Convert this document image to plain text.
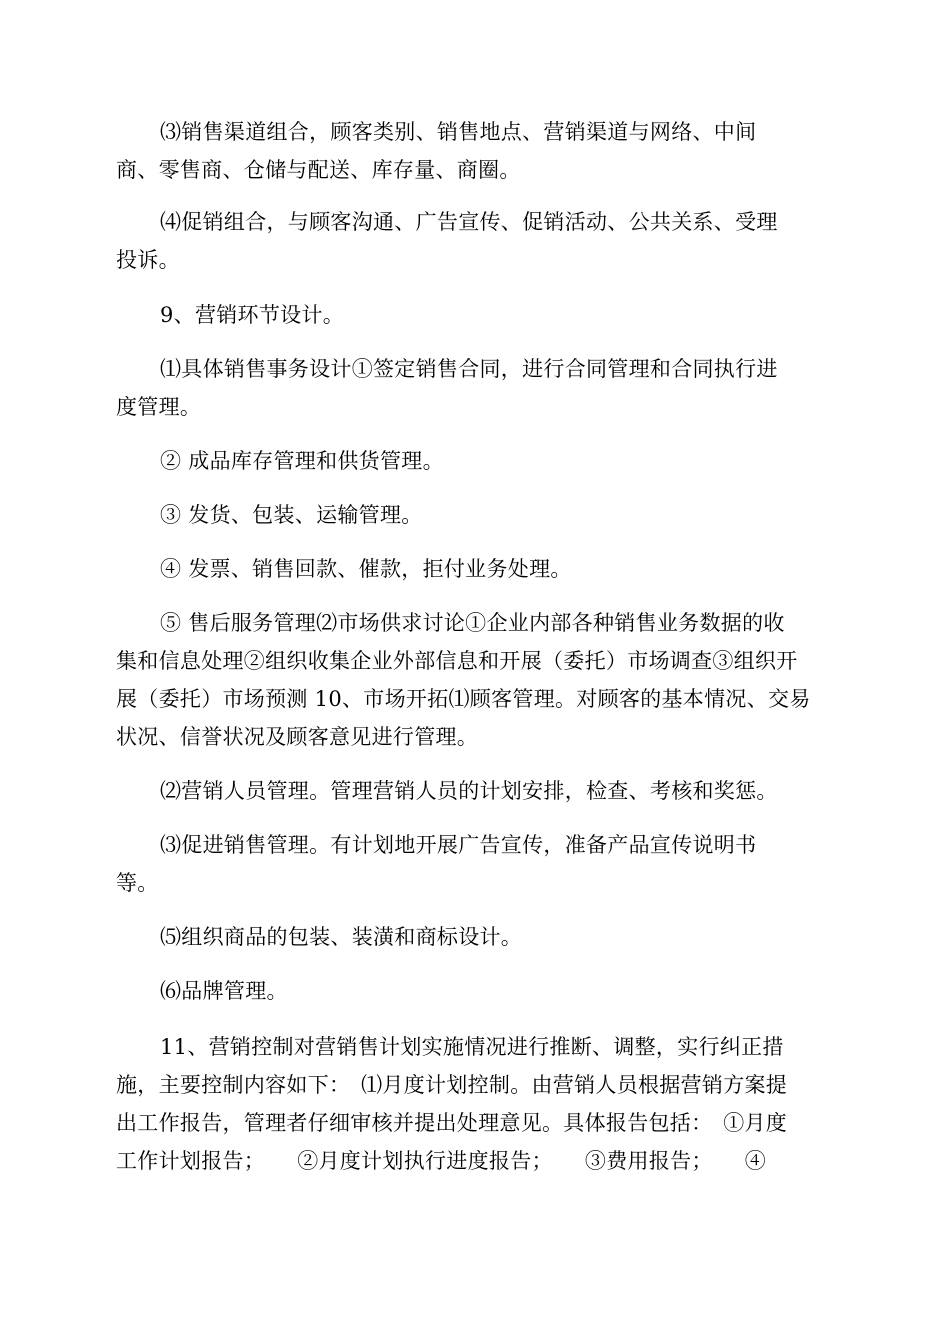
⑶销售渠道组合，顾客类别、销售地点、营销渠道与网络、中间
商、零售商、仓储与配送、库存量、商圈。
⑷促销组合，与顾客沟通、广告宣传、促销活动、公共关系、受理
投诉。
9、营销环节设计。
⑴具体销售事务设计①签定销售合同，进行合同管理和合同执行进
度管理。
② 成品库存管理和供货管理。
③ 发货、包装、运输管理。
④ 发票、销售回款、催款，拒付业务处理。
⑤ 售后服务管理⑵市场供求讨论①企业内部各种销售业务数据的收
集和信息处理②组织收集企业外部信息和开展（委托）市场调查③组织开
展（委托）市场预测 10、市场开拓⑴顾客管理。对顾客的基本情况、交易
状况、信誉状况及顾客意见进行管理。
⑵营销人员管理。管理营销人员的计划安排，检查、考核和奖惩。
⑶促进销售管理。有计划地开展广告宣传，准备产品宣传说明书
等。
⑸组织商品的包装、装潢和商标设计。
⑹品牌管理。
11、营销控制对营销售计划实施情况进行推断、调整，实行纠正措
施，主要控制内容如下：　⑴月度计划控制。由营销人员根据营销方案提
出工作报告，管理者仔细审核并提出处理意见。具体报告包括：　①月度
工作计划报告；　　②月度计划执行进度报告；　　③费用报告；　　④
